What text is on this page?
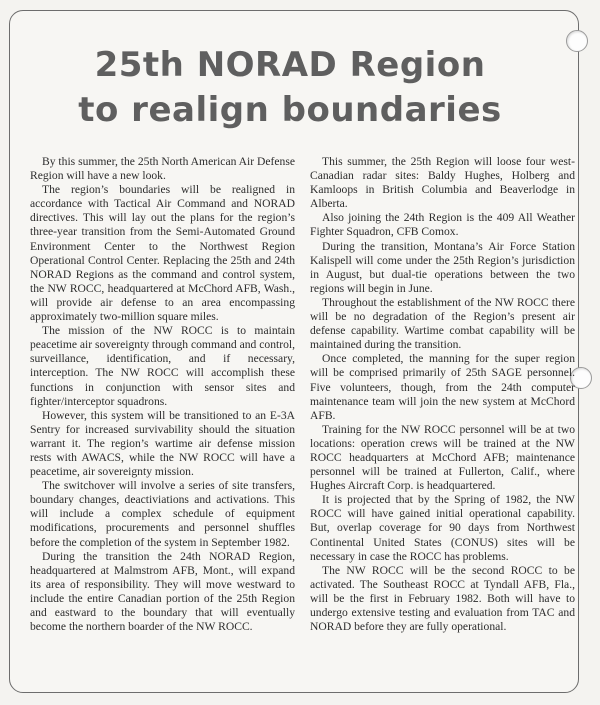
25th NORAD Region
to realign boundaries

By this summer, the 25th North American Air Defense Region will have a new look.

The region’s boundaries will be realigned in accordance with Tactical Air Command and NORAD directives. This will lay out the plans for the region’s three-year transition from the Semi-Automated Ground Environment Center to the Northwest Region Operational Control Center. Replacing the 25th and 24th NORAD Regions as the command and control system, the NW ROCC, headquartered at McChord AFB, Wash., will provide air defense to an area encompassing approximately two-million square miles.

The mission of the NW ROCC is to maintain peacetime air sovereignty through command and control, surveillance, identification, and if necessary, interception. The NW ROCC will accomplish these functions in conjunction with sensor sites and fighter/interceptor squadrons.

However, this system will be transitioned to an E-3A Sentry for increased survivability should the situation warrant it. The region’s wartime air defense mission rests with AWACS, while the NW ROCC will have a peacetime, air sovereignty mission.

The switchover will involve a series of site transfers, boundary changes, deactiviations and activations. This will include a complex schedule of equipment modifications, procurements and personnel shuffles before the completion of the system in September 1982.

During the transition the 24th NORAD Region, headquartered at Malmstrom AFB, Mont., will expand its area of responsibility. They will move westward to include the entire Canadian portion of the 25th Region and eastward to the boundary that will eventually become the northern boarder of the NW ROCC.

This summer, the 25th Region will loose four west-Canadian radar sites: Baldy Hughes, Holberg and Kamloops in British Columbia and Beaverlodge in Alberta.

Also joining the 24th Region is the 409 All Weather Fighter Squadron, CFB Comox.

During the transition, Montana’s Air Force Station Kalispell will come under the 25th Region’s jurisdiction in August, but dual-tie operations between the two regions will begin in June.

Throughout the establishment of the NW ROCC there will be no degradation of the Region’s present air defense capability. Wartime combat capability will be maintained during the transition.

Once completed, the manning for the super region will be comprised primarily of 25th SAGE personnel. Five volunteers, though, from the 24th computer maintenance team will join the new system at McChord AFB.

Training for the NW ROCC personnel will be at two locations: operation crews will be trained at the NW ROCC headquarters at McChord AFB; maintenance personnel will be trained at Fullerton, Calif., where Hughes Aircraft Corp. is headquartered.

It is projected that by the Spring of 1982, the NW ROCC will have gained initial operational capability. But, overlap coverage for 90 days from Northwest Continental United States (CONUS) sites will be necessary in case the ROCC has problems.

The NW ROCC will be the second ROCC to be activated. The Southeast ROCC at Tyndall AFB, Fla., will be the first in February 1982. Both will have to undergo extensive testing and evaluation from TAC and NORAD before they are fully operational.
